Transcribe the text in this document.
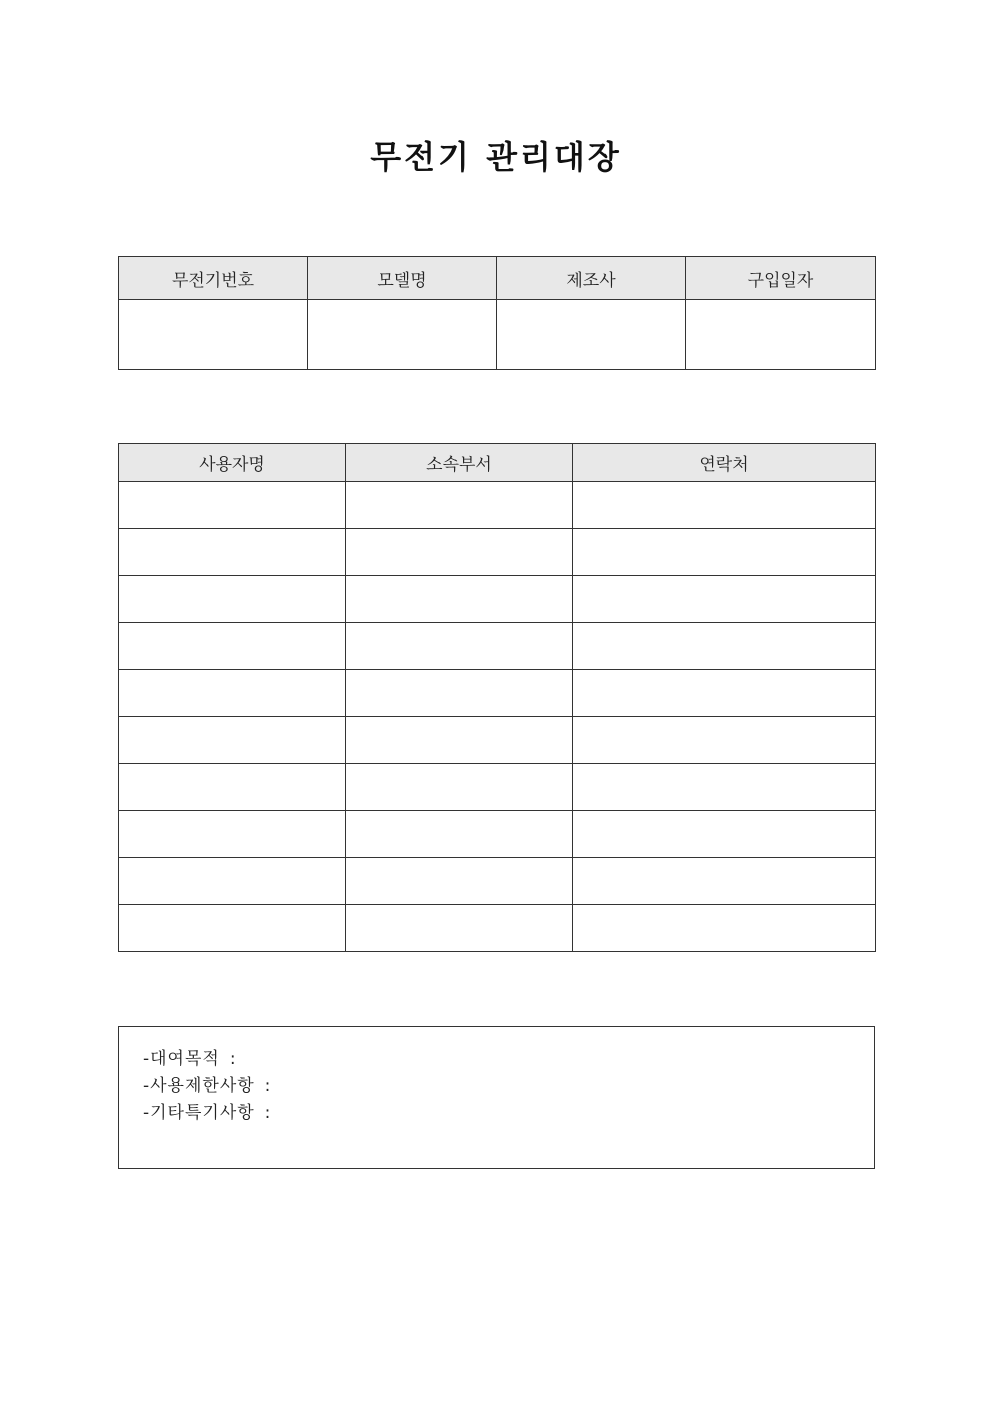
무전기 관리대장
무전기번호	모델명	제조사	구입일자

사용자명	소속부서	연락처

-대여목적 :
-사용제한사항 :
-기타특기사항 :
